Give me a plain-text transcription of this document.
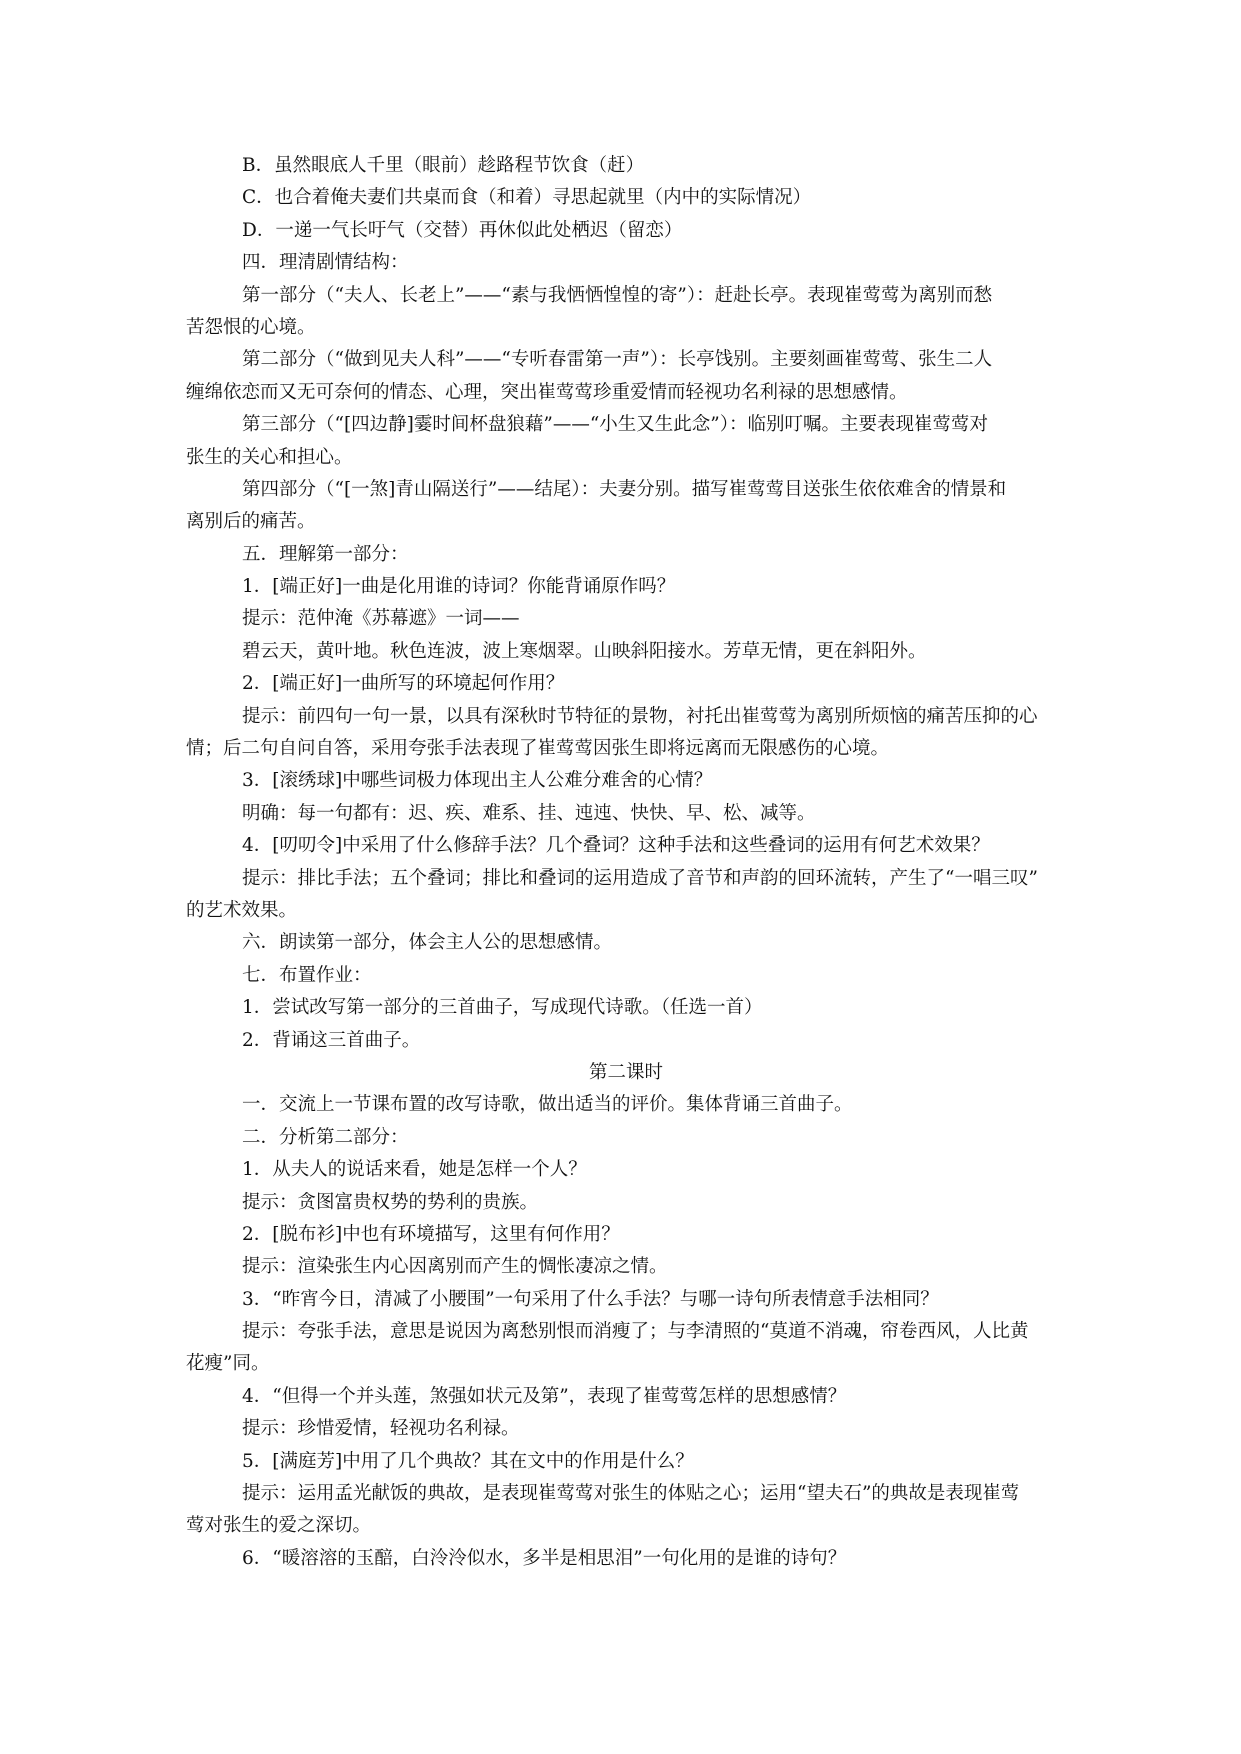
B．虽然眼底人千里（眼前）趁路程节饮食（赶）
C．也合着俺夫妻们共桌而食（和着）寻思起就里（内中的实际情况）
D．一递一气长吁气（交替）再休似此处栖迟（留恋）
四．理清剧情结构：
第一部分（“夫人、长老上”——“素与我恓恓惶惶的寄”）：赶赴长亭。表现崔莺莺为离别而愁
苦怨恨的心境。
第二部分（“做到见夫人科”——“专听春雷第一声”）：长亭饯别。主要刻画崔莺莺、张生二人
缠绵依恋而又无可奈何的情态、心理，突出崔莺莺珍重爱情而轻视功名利禄的思想感情。
第三部分（“[四边静]霎时间杯盘狼藉”——“小生又生此念”）：临别叮嘱。主要表现崔莺莺对
张生的关心和担心。
第四部分（“[一煞]青山隔送行”——结尾）：夫妻分别。描写崔莺莺目送张生依依难舍的情景和
离别后的痛苦。
五．理解第一部分：
1．[端正好]一曲是化用谁的诗词？你能背诵原作吗？
提示：范仲淹《苏幕遮》一词——
碧云天，黄叶地。秋色连波，波上寒烟翠。山映斜阳接水。芳草无情，更在斜阳外。
2．[端正好]一曲所写的环境起何作用？
提示：前四句一句一景，以具有深秋时节特征的景物，衬托出崔莺莺为离别所烦恼的痛苦压抑的心
情；后二句自问自答，采用夸张手法表现了崔莺莺因张生即将远离而无限感伤的心境。
3．[滚绣球]中哪些词极力体现出主人公难分难舍的心情？
明确：每一句都有：迟、疾、难系、挂、迍迍、快快、早、松、减等。
4．[叨叨令]中采用了什么修辞手法？几个叠词？这种手法和这些叠词的运用有何艺术效果？
提示：排比手法；五个叠词；排比和叠词的运用造成了音节和声韵的回环流转，产生了“一唱三叹”
的艺术效果。
六．朗读第一部分，体会主人公的思想感情。
七．布置作业：
1．尝试改写第一部分的三首曲子，写成现代诗歌。（任选一首）
2．背诵这三首曲子。
第二课时
一．交流上一节课布置的改写诗歌，做出适当的评价。集体背诵三首曲子。
二．分析第二部分：
1．从夫人的说话来看，她是怎样一个人？
提示：贪图富贵权势的势利的贵族。
2．[脱布衫]中也有环境描写，这里有何作用？
提示：渲染张生内心因离别而产生的惆怅凄凉之情。
3．“昨宵今日，清减了小腰围”一句采用了什么手法？与哪一诗句所表情意手法相同？
提示：夸张手法，意思是说因为离愁别恨而消瘦了；与李清照的“莫道不消魂，帘卷西风，人比黄
花瘦”同。
4．“但得一个并头莲，煞强如状元及第”，表现了崔莺莺怎样的思想感情？
提示：珍惜爱情，轻视功名利禄。
5．[满庭芳]中用了几个典故？其在文中的作用是什么？
提示：运用孟光献饭的典故，是表现崔莺莺对张生的体贴之心；运用“望夫石”的典故是表现崔莺
莺对张生的爱之深切。
6．“暖溶溶的玉醅，白泠泠似水，多半是相思泪”一句化用的是谁的诗句？
